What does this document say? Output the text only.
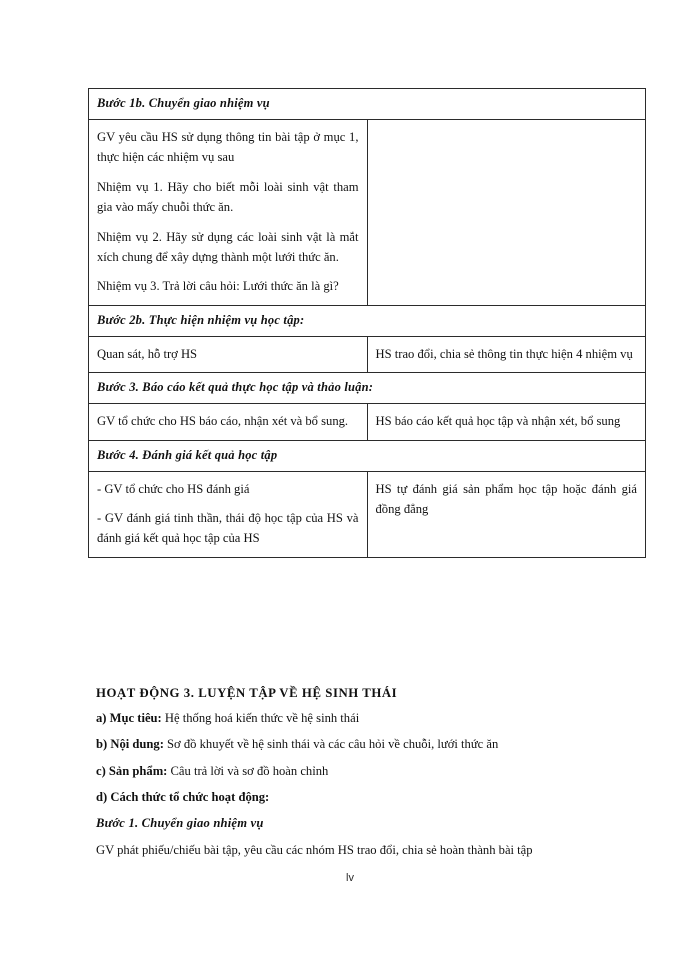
Bước 1b. Chuyển giao nhiệm vụ	

GV yêu cầu HS sử dụng thông tin bài tập ở mục 1, thực hiện các nhiệm vụ sau

Nhiệm vụ 1. Hãy cho biết mỗi loài sinh vật tham gia vào mấy chuỗi thức ăn.

Nhiệm vụ 2. Hãy sử dụng các loài sinh vật là mắt xích chung để xây dựng thành một lưới thức ăn.

Nhiệm vụ 3. Trả lời câu hỏi: Lưới thức ăn là gì?	

Bước 2b. Thực hiện nhiệm vụ học tập:	

Quan sát, hỗ trợ HS	HS trao đổi, chia sẻ thông tin thực hiện 4 nhiệm vụ

Bước 3. Báo cáo kết quả thực học tập và thảo luận:	

GV tổ chức cho HS báo cáo, nhận xét và bổ sung.	HS báo cáo kết quả học tập và nhận xét, bổ sung

Bước 4. Đánh giá kết quả học tập	

- GV tổ chức cho HS đánh giá

- GV đánh giá tinh thần, thái độ học tập của HS và đánh giá kết quả học tập của HS	HS tự đánh giá sản phẩm học tập hoặc đánh giá đồng đẳng

HOẠT ĐỘNG 3. LUYỆN TẬP VỀ HỆ SINH THÁI

a) Mục tiêu: Hệ thống hoá kiến thức về hệ sinh thái

b) Nội dung: Sơ đồ khuyết về hệ sinh thái và các câu hỏi về chuỗi, lưới thức ăn

c) Sản phẩm: Câu trả lời và sơ đồ hoàn chỉnh

d) Cách thức tổ chức hoạt động:

Bước 1. Chuyển giao nhiệm vụ

GV phát phiếu/chiếu bài tập, yêu cầu các nhóm HS trao đổi, chia sẻ hoàn thành bài tập

lv
